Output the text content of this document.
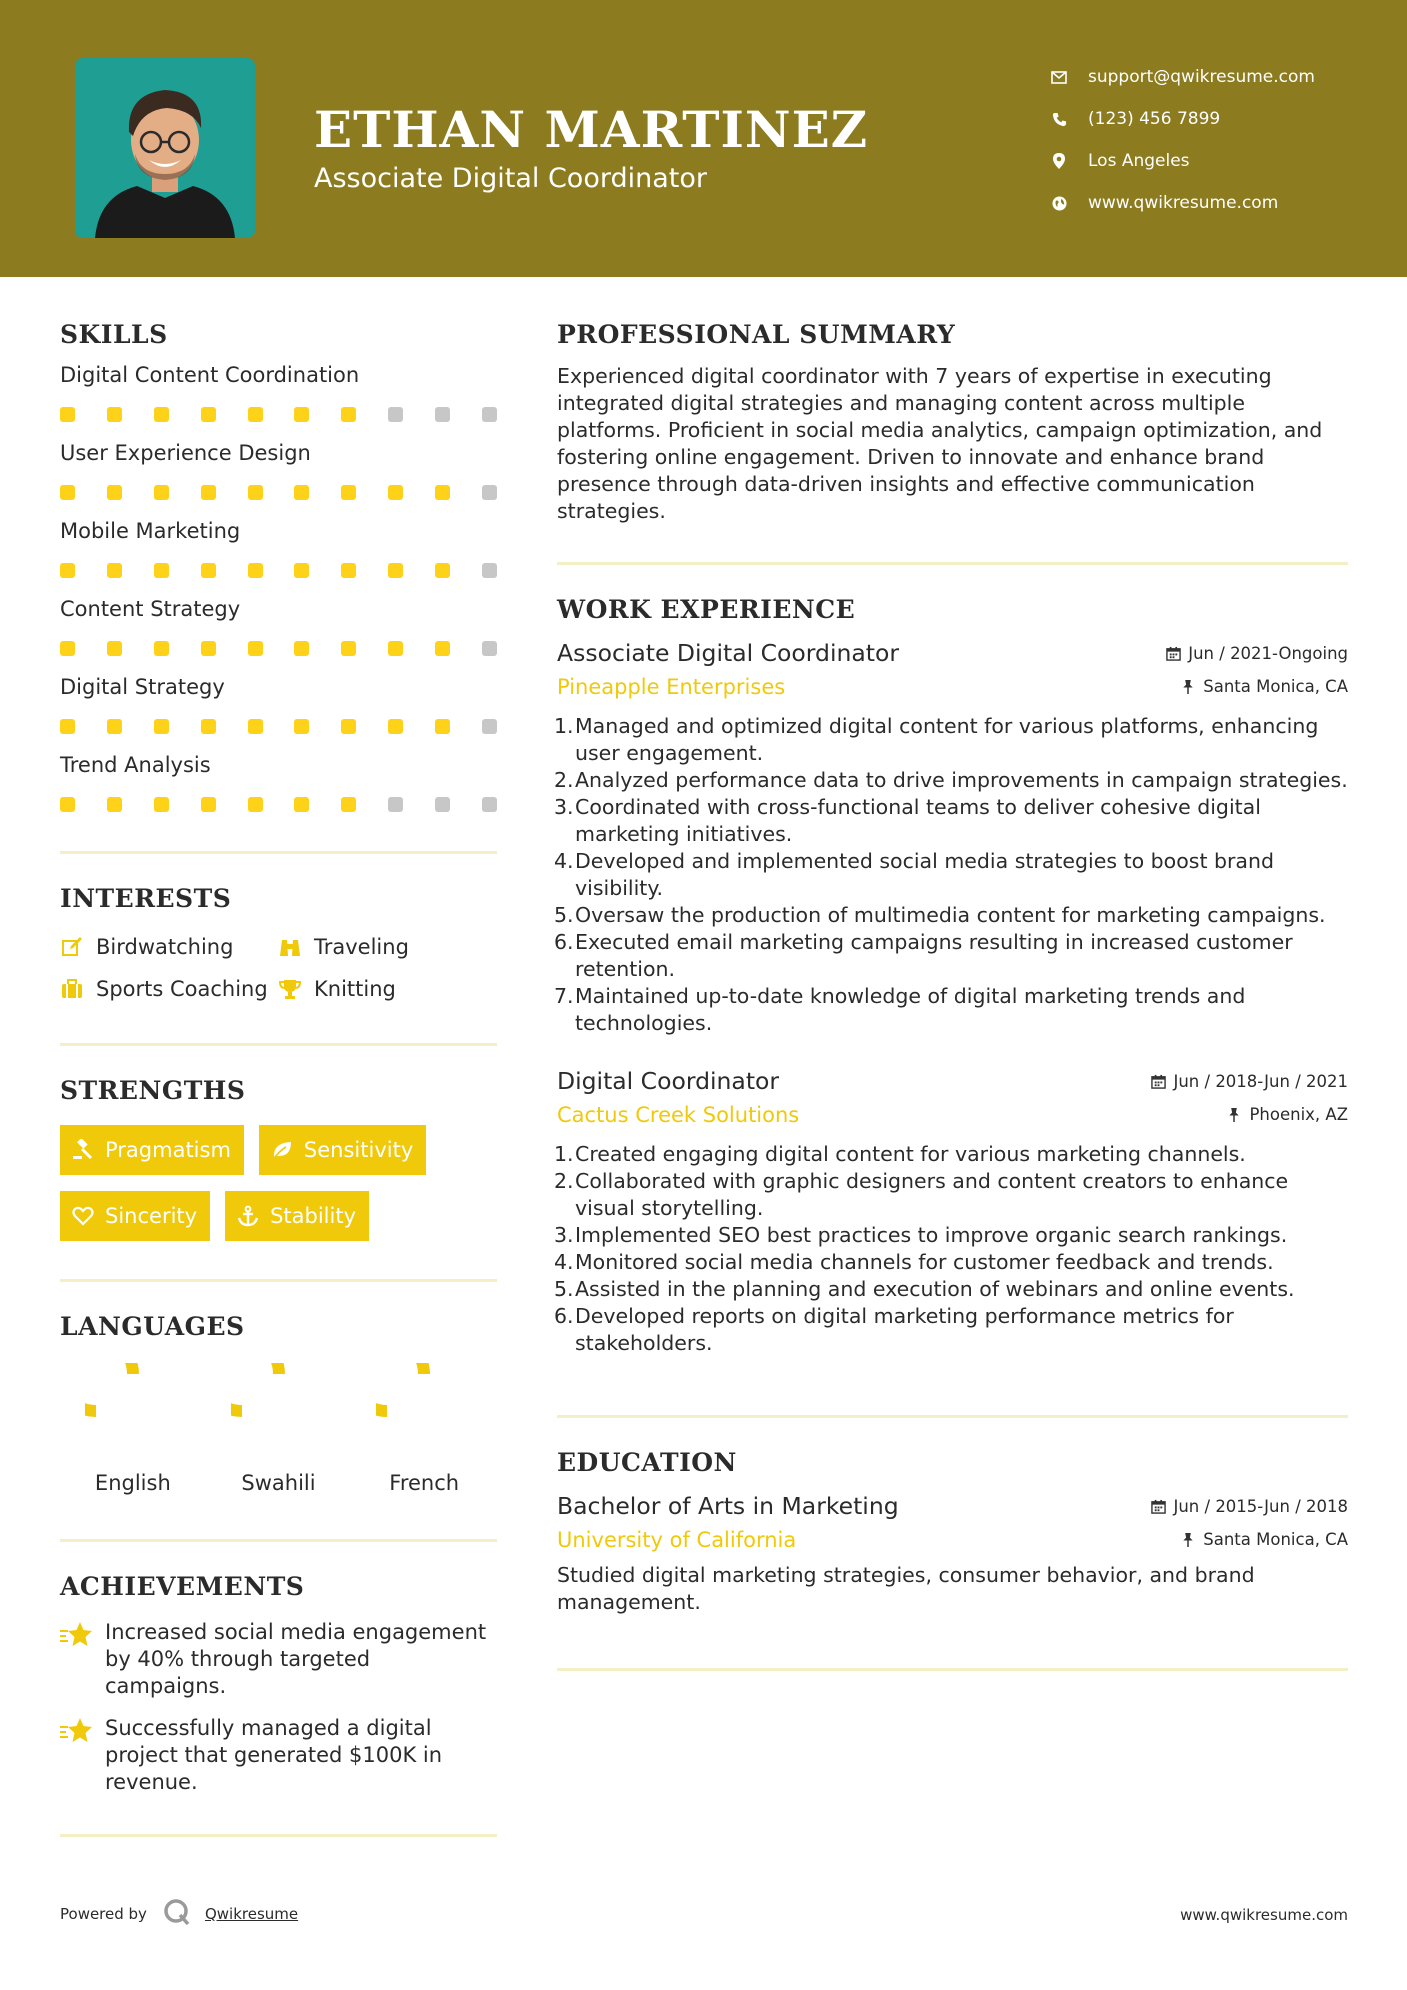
ETHAN MARTINEZ
Associate Digital Coordinator
support@qwikresume.com
(123) 456 7899
Los Angeles
www.qwikresume.com
SKILLS
Digital Content Coordination
User Experience Design
Mobile Marketing
Content Strategy
Digital Strategy
Trend Analysis
INTERESTS
Birdwatching	Traveling
Sports Coaching Knitting
STRENGTHS
Pragmatism	Sensitivity
Sincerity	Stability
LANGUAGES
English	Swahili	French
ACHIEVEMENTS
Increased social media engagement by 40% through targeted campaigns.
Successfully managed a digital project that generated $100K in revenue.
PROFESSIONAL SUMMARY
Experienced digital coordinator with 7 years of expertise in executing integrated digital strategies and managing content across multiple platforms. Proficient in social media analytics, campaign optimization, and fostering online engagement. Driven to innovate and enhance brand presence through data-driven insights and effective communication strategies.
WORK EXPERIENCE
Associate Digital Coordinator	Jun / 2021-Ongoing
Pineapple Enterprises	Santa Monica, CA
Managed and optimized digital content for various platforms, enhancing user engagement.
Analyzed performance data to drive improvements in campaign strategies.
Coordinated with cross-functional teams to deliver cohesive digital marketing initiatives.
Developed and implemented social media strategies to boost brand visibility.
Oversaw the production of multimedia content for marketing campaigns.
Executed email marketing campaigns resulting in increased customer retention.
Maintained up-to-date knowledge of digital marketing trends and technologies.
Digital Coordinator	Jun / 2018-Jun / 2021
Cactus Creek Solutions	Phoenix, AZ
Created engaging digital content for various marketing channels.
Collaborated with graphic designers and content creators to enhance visual storytelling.
Implemented SEO best practices to improve organic search rankings.
Monitored social media channels for customer feedback and trends.
Assisted in the planning and execution of webinars and online events.
Developed reports on digital marketing performance metrics for stakeholders.
EDUCATION
Bachelor of Arts in Marketing	Jun / 2015-Jun / 2018
University of California	Santa Monica, CA
Studied digital marketing strategies, consumer behavior, and brand management.
Powered by	Qwikresume	www.qwikresume.com
